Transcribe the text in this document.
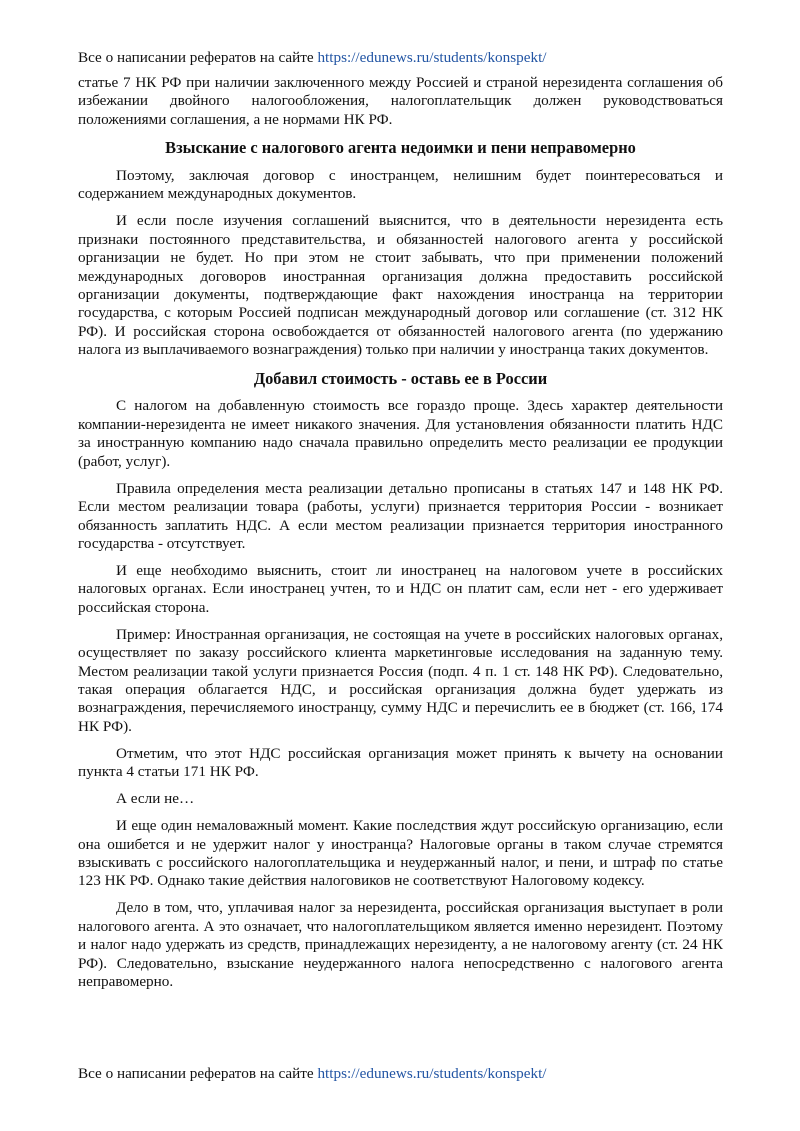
Все о написании рефератов на сайте https://edunews.ru/students/konspekt/

статье 7 НК РФ при наличии заключенного между Россией и страной нерезидента соглашения об избежании двойного налогообложения, налогоплательщик должен руководствоваться положениями соглашения, а не нормами НК РФ.

Взыскание с налогового агента недоимки и пени неправомерно

Поэтому, заключая договор с иностранцем, нелишним будет поинтересоваться и содержанием международных документов.

И если после изучения соглашений выяснится, что в деятельности нерезидента есть признаки постоянного представительства, и обязанностей налогового агента у российской организации не будет. Но при этом не стоит забывать, что при применении положений международных договоров иностранная организация должна предоставить российской организации документы, подтверждающие факт нахождения иностранца на территории государства, с которым Россией подписан международный договор или соглашение (ст. 312 НК РФ). И российская сторона освобождается от обязанностей налогового агента (по удержанию налога из выплачиваемого вознаграждения) только при наличии у иностранца таких документов.

Добавил стоимость - оставь ее в России

С налогом на добавленную стоимость все гораздо проще. Здесь характер деятельности компании-нерезидента не имеет никакого значения. Для установления обязанности платить НДС за иностранную компанию надо сначала правильно определить место реализации ее продукции (работ, услуг).

Правила определения места реализации детально прописаны в статьях 147 и 148 НК РФ. Если местом реализации товара (работы, услуги) признается территория России - возникает обязанность заплатить НДС. А если местом реализации признается территория иностранного государства - отсутствует.

И еще необходимо выяснить, стоит ли иностранец на налоговом учете в российских налоговых органах. Если иностранец учтен, то и НДС он платит сам, если нет - его удерживает российская сторона.

Пример: Иностранная организация, не состоящая на учете в российских налоговых органах, осуществляет по заказу российского клиента маркетинговые исследования на заданную тему. Местом реализации такой услуги признается Россия (подп. 4 п. 1 ст. 148 НК РФ). Следовательно, такая операция облагается НДС, и российская организация должна будет удержать из вознаграждения, перечисляемого иностранцу, сумму НДС и перечислить ее в бюджет (ст. 166, 174 НК РФ).

Отметим, что этот НДС российская организация может принять к вычету на основании пункта 4 статьи 171 НК РФ.

А если не…

И еще один немаловажный момент. Какие последствия ждут российскую организацию, если она ошибется и не удержит налог у иностранца? Налоговые органы в таком случае стремятся взыскивать с российского налогоплательщика и неудержанный налог, и пени, и штраф по статье 123 НК РФ. Однако такие действия налоговиков не соответствуют Налоговому кодексу.

Дело в том, что, уплачивая налог за нерезидента, российская организация выступает в роли налогового агента. А это означает, что налогоплательщиком является именно нерезидент. Поэтому и налог надо удержать из средств, принадлежащих нерезиденту, а не налоговому агенту (ст. 24 НК РФ). Следовательно, взыскание неудержанного налога непосредственно с налогового агента неправомерно.

Все о написании рефератов на сайте https://edunews.ru/students/konspekt/
